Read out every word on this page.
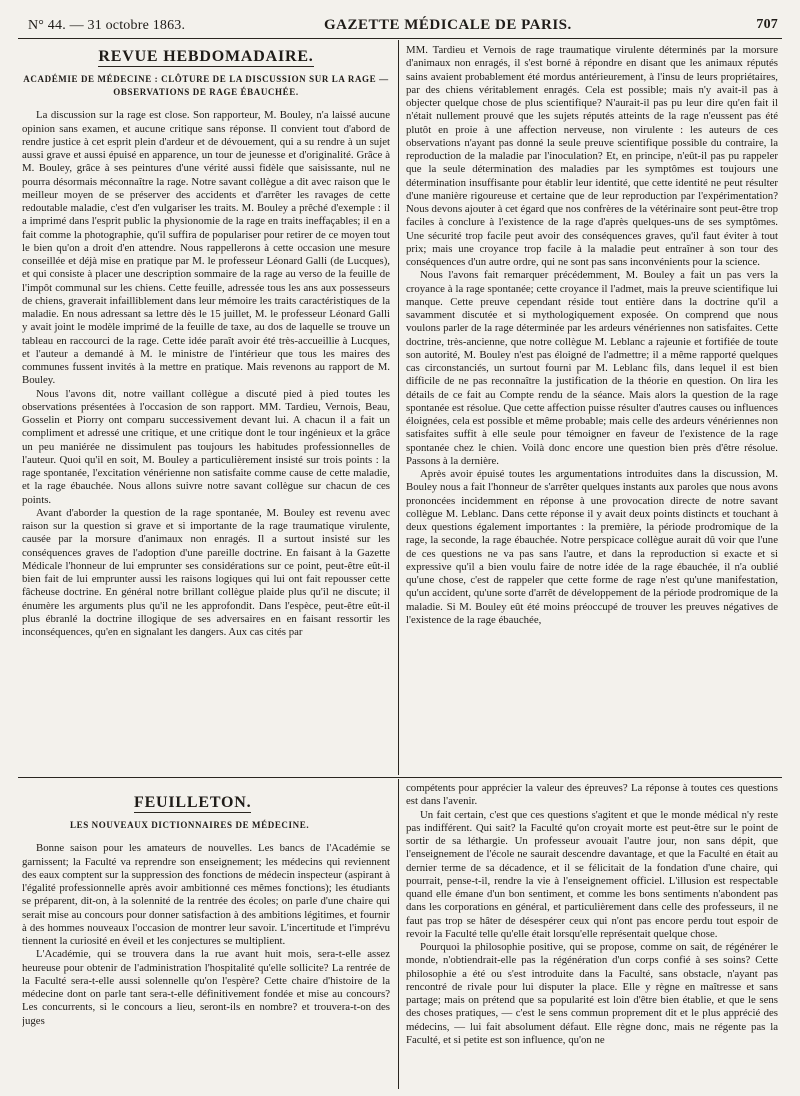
N° 44. — 31 octobre 1863.	GAZETTE MÉDICALE DE PARIS.	707
REVUE HEBDOMADAIRE.
ACADÉMIE DE MÉDECINE : CLÔTURE DE LA DISCUSSION SUR LA RAGE — OBSERVATIONS DE RAGE ÉBAUCHÉE.

La discussion sur la rage est close. Son rapporteur, M. Bouley, n'a laissé aucune opinion sans examen, et aucune critique sans réponse. Il convient tout d'abord de rendre justice à cet esprit plein d'ardeur et de dévouement, qui a su rendre à un sujet aussi grave et aussi épuisé en apparence, un tour de jeunesse et d'originalité. Grâce à M. Bouley, grâce à ses peintures d'une vérité aussi fidèle que saisissante, nul ne pourra désormais méconnaître la rage. Notre savant collègue a dit avec raison que le meilleur moyen de se préserver des accidents et d'arrêter les ravages de cette redoutable maladie, c'est d'en vulgariser les traits. M. Bouley a prêché d'exemple : il a imprimé dans l'esprit public la physionomie de la rage en traits ineffaçables; il en a fait comme la photographie, qu'il suffira de populariser pour retirer de ce moyen tout le bien qu'on a droit d'en attendre. Nous rappellerons à cette occasion une mesure conseillée et déjà mise en pratique par M. le professeur Léonard Galli (de Lucques), et qui consiste à placer une description sommaire de la rage au verso de la feuille de l'impôt communal sur les chiens. Cette feuille, adressée tous les ans aux possesseurs de chiens, graverait infailliblement dans leur mémoire les traits caractéristiques de la maladie. En nous adressant sa lettre dès le 15 juillet, M. le professeur Léonard Galli y avait joint le modèle imprimé de la feuille de taxe, au dos de laquelle se trouve un tableau en raccourci de la rage. Cette idée paraît avoir été très-accueillie à Lucques, et l'auteur a demandé à M. le ministre de l'intérieur que tous les maires des communes fussent invités à la mettre en pratique. Mais revenons au rapport de M. Bouley.

Nous l'avons dit, notre vaillant collègue a discuté pied à pied toutes les observations présentées à l'occasion de son rapport. MM. Tardieu, Vernois, Beau, Gosselin et Piorry ont comparu successivement devant lui. A chacun il a fait un compliment et adressé une critique, et une critique dont le tour ingénieux et la grâce un peu maniérée ne dissimulent pas toujours les habitudes professionnelles de l'auteur. Quoi qu'il en soit, M. Bouley a particulièrement insisté sur trois points : la rage spontanée, l'excitation vénérienne non satisfaite comme cause de cette maladie, et la rage ébauchée. Nous allons suivre notre savant collègue sur chacun de ces points.

Avant d'aborder la question de la rage spontanée, M. Bouley est revenu avec raison sur la question si grave et si importante de la rage traumatique virulente, causée par la morsure d'animaux non enragés. Il a surtout insisté sur les conséquences graves de l'adoption d'une pareille doctrine. En faisant à la Gazette Médicale l'honneur de lui emprunter ses considérations sur ce point, peut-être eût-il bien fait de lui emprunter aussi les raisons logiques qui lui ont fait repousser cette fâcheuse doctrine. En général notre brillant collègue plaide plus qu'il ne discute; il énumère les arguments plus qu'il ne les approfondit. Dans l'espèce, peut-être eût-il plus ébranlé la doctrine illogique de ses adversaires en en faisant ressortir les inconséquences, qu'en en signalant les dangers. Aux cas cités par

MM. Tardieu et Vernois de rage traumatique virulente déterminés par la morsure d'animaux non enragés, il s'est borné à répondre en disant que les animaux réputés sains avaient probablement été mordus antérieurement, à l'insu de leurs propriétaires, par des chiens véritablement enragés. Cela est possible; mais n'y avait-il pas à objecter quelque chose de plus scientifique? N'aurait-il pas pu leur dire qu'en fait il n'était nullement prouvé que les sujets réputés atteints de la rage n'eussent pas été plutôt en proie à une affection nerveuse, non virulente : les auteurs de ces observations n'ayant pas donné la seule preuve scientifique possible du contraire, la reproduction de la maladie par l'inoculation? Et, en principe, n'eût-il pas pu rappeler que la seule détermination des maladies par les symptômes est toujours une détermination insuffisante pour établir leur identité, que cette identité ne peut résulter d'une manière rigoureuse et certaine que de leur reproduction par l'expérimentation? Nous devons ajouter à cet égard que nos confrères de la vétérinaire sont peut-être trop faciles à conclure à l'existence de la rage d'après quelques-uns de ses symptômes. Une sécurité trop facile peut avoir des conséquences graves, qu'il faut éviter à tout prix; mais une croyance trop facile à la maladie peut entraîner à son tour des conséquences d'un autre ordre, qui ne sont pas sans inconvénients pour la science.

Nous l'avons fait remarquer précédemment, M. Bouley a fait un pas vers la croyance à la rage spontanée; cette croyance il l'admet, mais la preuve scientifique lui manque. Cette preuve cependant réside tout entière dans la doctrine qu'il a savamment discutée et si mythologiquement exposée. On comprend que nous voulons parler de la rage déterminée par les ardeurs vénériennes non satisfaites. Cette doctrine, très-ancienne, que notre collègue M. Leblanc a rajeunie et fortifiée de toute son autorité, M. Bouley n'est pas éloigné de l'admettre; il a même rapporté quelques cas circonstanciés, un surtout fourni par M. Leblanc fils, dans lequel il est bien difficile de ne pas reconnaître la justification de la théorie en question. On lira les détails de ce fait au Compte rendu de la séance. Mais alors la question de la rage spontanée est résolue. Que cette affection puisse résulter d'autres causes ou influences éloignées, cela est possible et même probable; mais celle des ardeurs vénériennes non satisfaites suffit à elle seule pour témoigner en faveur de l'existence de la rage spontanée chez le chien. Voilà donc encore une question bien près d'être résolue. Passons à la dernière.

Après avoir épuisé toutes les argumentations introduites dans la discussion, M. Bouley nous a fait l'honneur de s'arrêter quelques instants aux paroles que nous avons prononcées incidemment en réponse à une provocation directe de notre savant collègue M. Leblanc. Dans cette réponse il y avait deux points distincts et touchant à deux questions également importantes : la première, la période prodromique de la rage, la seconde, la rage ébauchée. Notre perspicace collègue aurait dû voir que l'une de ces questions ne va pas sans l'autre, et dans la reproduction si exacte et si expressive qu'il a bien voulu faire de notre idée de la rage ébauchée, il n'a oublié qu'une chose, c'est de rappeler que cette forme de rage n'est qu'une manifestation, qu'un accident, qu'une sorte d'arrêt de développement de la période prodromique de la maladie. Si M. Bouley eût été moins préoccupé de trouver les preuves négatives de l'existence de la rage ébauchée,

FEUILLETON.
LES NOUVEAUX DICTIONNAIRES DE MÉDECINE.

Bonne saison pour les amateurs de nouvelles. Les bancs de l'Académie se garnissent; la Faculté va reprendre son enseignement; les médecins qui reviennent des eaux comptent sur la suppression des fonctions de médecin inspecteur (aspirant à l'égalité professionnelle après avoir ambitionné ces mêmes fonctions); les étudiants se préparent, dit-on, à la solennité de la rentrée des écoles; on parle d'une chaire qui serait mise au concours pour donner satisfaction à des ambitions légitimes, et fournir à des hommes nouveaux l'occasion de montrer leur savoir. L'incertitude et l'imprévu tiennent la curiosité en éveil et les conjectures se multiplient.

L'Académie, qui se trouvera dans la rue avant huit mois, sera-t-elle assez heureuse pour obtenir de l'administration l'hospitalité qu'elle sollicite? La rentrée de la Faculté sera-t-elle aussi solennelle qu'on l'espère? Cette chaire d'histoire de la médecine dont on parle tant sera-t-elle définitivement fondée et mise au concours? Les concurrents, si le concours a lieu, seront-ils en nombre? et trouvera-t-on des juges

compétents pour apprécier la valeur des épreuves? La réponse à toutes ces questions est dans l'avenir.

Un fait certain, c'est que ces questions s'agitent et que le monde médical n'y reste pas indifférent. Qui sait? la Faculté qu'on croyait morte est peut-être sur le point de sortir de sa léthargie. Un professeur avouait l'autre jour, non sans dépit, que l'enseignement de l'école ne saurait descendre davantage, et que la Faculté en était au dernier terme de sa décadence, et il se félicitait de la fondation d'une chaire, qui pourrait, pense-t-il, rendre la vie à l'enseignement officiel. L'illusion est respectable quand elle émane d'un bon sentiment, et comme les bons sentiments n'abondent pas dans les corporations en général, et particulièrement dans celle des professeurs, il ne faut pas trop se hâter de désespérer ceux qui n'ont pas encore perdu tout espoir de revoir la Faculté telle qu'elle était lorsqu'elle représentait quelque chose.

Pourquoi la philosophie positive, qui se propose, comme on sait, de régénérer le monde, n'obtiendrait-elle pas la régénération d'un corps confié à ses soins? Cette philosophie a été ou s'est introduite dans la Faculté, sans obstacle, n'ayant pas rencontré de rivale pour lui disputer la place. Elle y règne en maîtresse et sans partage; mais on prétend que sa popularité est loin d'être bien établie, et que le sens des choses pratiques, — c'est le sens commun proprement dit et le plus apprécié des médecins, — lui fait absolument défaut. Elle règne donc, mais ne régente pas la Faculté, et si petite est son influence, qu'on ne
